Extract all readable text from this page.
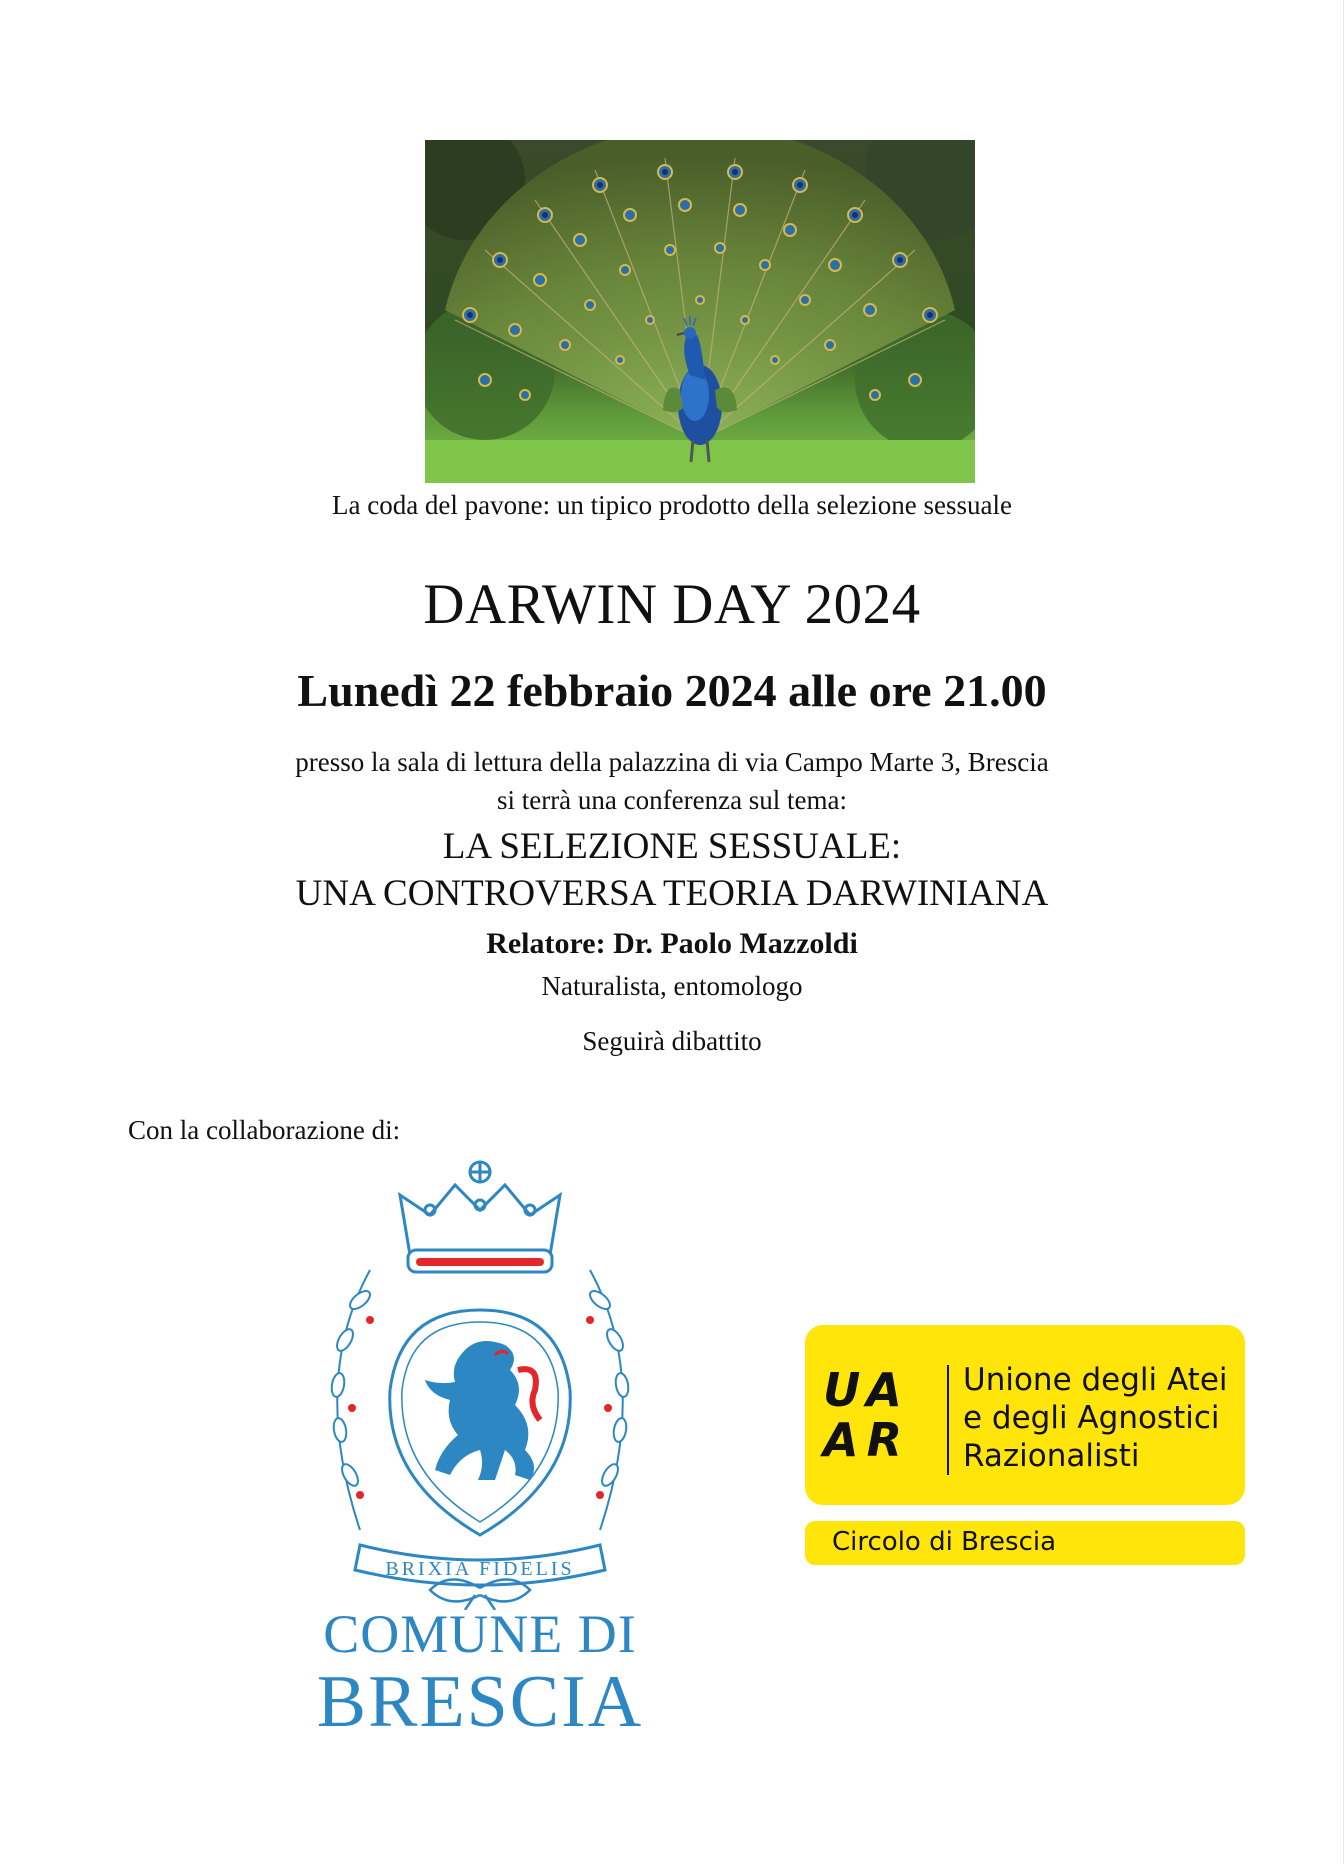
La coda del pavone: un tipico prodotto della selezione sessuale
DARWIN DAY 2024
Lunedì 22 febbraio 2024 alle ore 21.00
presso la sala di lettura della palazzina di via Campo Marte 3, Brescia
si terrà una conferenza sul tema:
LA SELEZIONE SESSUALE:
UNA CONTROVERSA TEORIA DARWINIANA
Relatore: Dr. Paolo Mazzoldi
Naturalista, entomologo
Seguirà dibattito
Con la collaborazione di:
BRIXIA FIDELIS
COMUNE DI
BRESCIA
UA
AR
Unione degli Atei
e degli Agnostici
Razionalisti
Circolo di Brescia
